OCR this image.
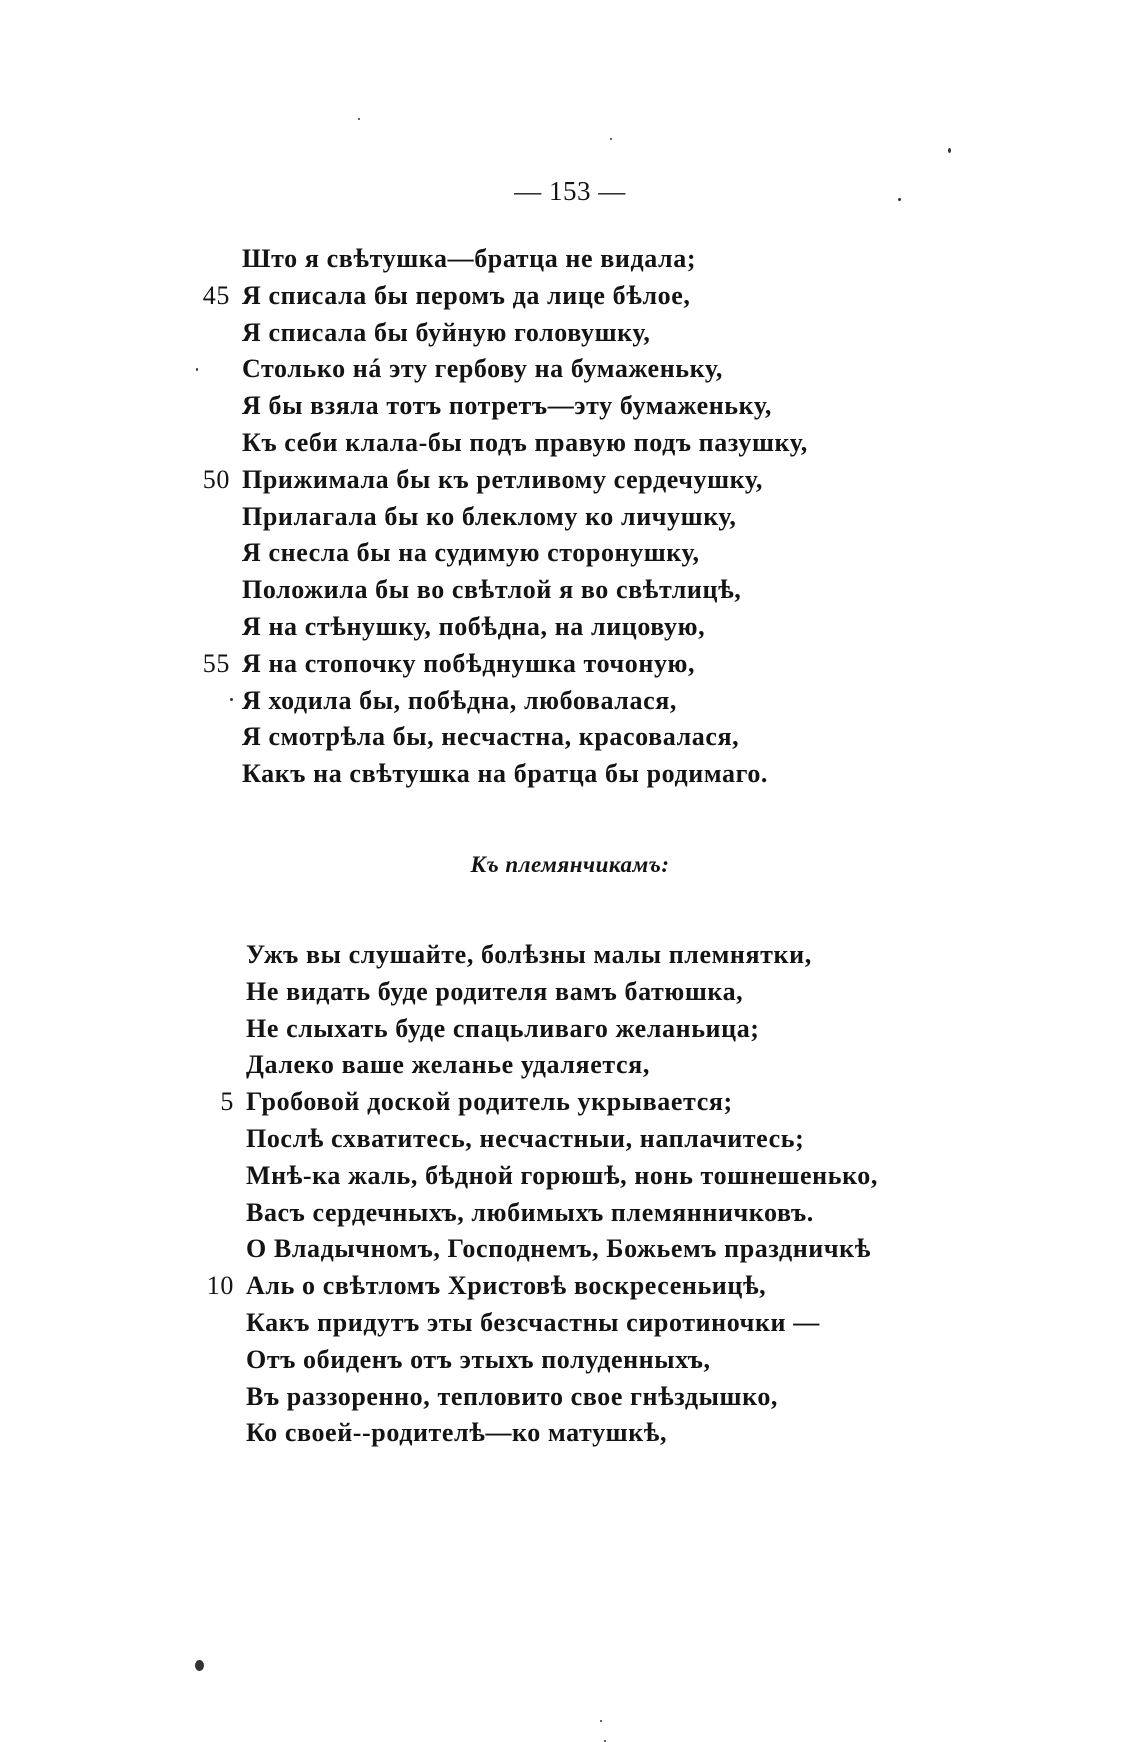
— 153 —
Што я свѣтушка—братца не видала;
45 Я списала бы перомъ да лице бѣлое,
Я списала бы буйную головушку,
Столько нá эту гербову на бумаженьку,
Я бы взяла тотъ потретъ—эту бумаженьку,
Къ себи клала-бы подъ правую подъ пазушку,
50 Прижимала бы къ ретливому сердечушку,
Прилагала бы ко блеклому ко личушку,
Я снесла бы на судимую сторонушку,
Положила бы во свѣтлой я во свѣтлицѣ,
Я на стѣнушку, побѣдна, на лицовую,
55 Я на стопочку побѣднушка точоную,
Я ходила бы, побѣдна, любовалася,
Я смотрѣла бы, несчастна, красовалася,
Какъ на свѣтушка на братца бы родимаго.
Къ племянчикамъ:
Ужъ вы слушайте, болѣзны малы племнятки,
Не видать буде родителя вамъ батюшка,
Не слыхать буде спацьливаго желаньица;
Далеко ваше желанье удаляется,
5 Гробовой доской родитель укрывается;
Послѣ схватитесь, несчастныи, наплачитесь;
Мнѣ-ка жаль, бѣдной горюшѣ, нонь тошнешенько,
Васъ сердечныхъ, любимыхъ племянничковъ.
О Владычномъ, Господнемъ, Божьемъ праздничкѣ
10 Аль о свѣтломъ Христовѣ воскресеньицѣ,
Какъ придутъ эты безсчастны сиротиночки —
Отъ обиденъ отъ этыхъ полуденныхъ,
Въ раззоренно, тепловито свое гнѣздышко,
Ко своей--родителѣ—ко матушкѣ,
